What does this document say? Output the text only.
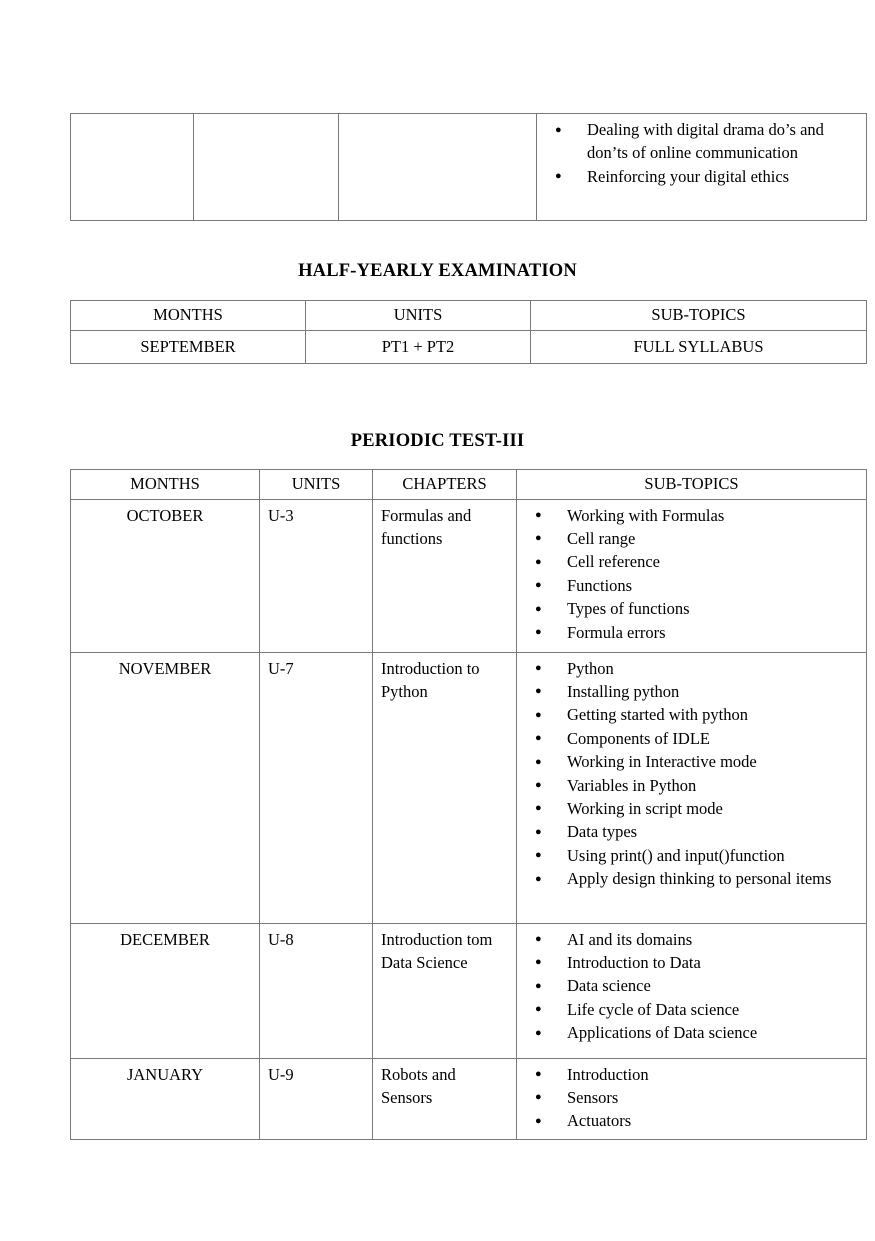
● Dealing with digital drama do’s and don’ts of online communication
● Reinforcing your digital ethics
HALF-YEARLY EXAMINATION
MONTHS	UNITS	SUB-TOPICS
SEPTEMBER	PT1 + PT2	FULL SYLLABUS
PERIODIC TEST-III
MONTHS	UNITS	CHAPTERS	SUB-TOPICS
OCTOBER	U-3	Formulas and functions	
● Working with Formulas
● Cell range
● Cell reference
● Functions
● Types of functions
● Formula errors

NOVEMBER	U-7	Introduction to Python	
● Python
● Installing python
● Getting started with python
● Components of IDLE
● Working in Interactive mode
● Variables in Python
● Working in script mode
● Data types
● Using print() and input()function
● Apply design thinking to personal items

DECEMBER	U-8	Introduction tom Data Science	
● AI and its domains
● Introduction to Data
● Data science
● Life cycle of Data science
● Applications of Data science

JANUARY	U-9	Robots and Sensors	
● Introduction
● Sensors
● Actuators
